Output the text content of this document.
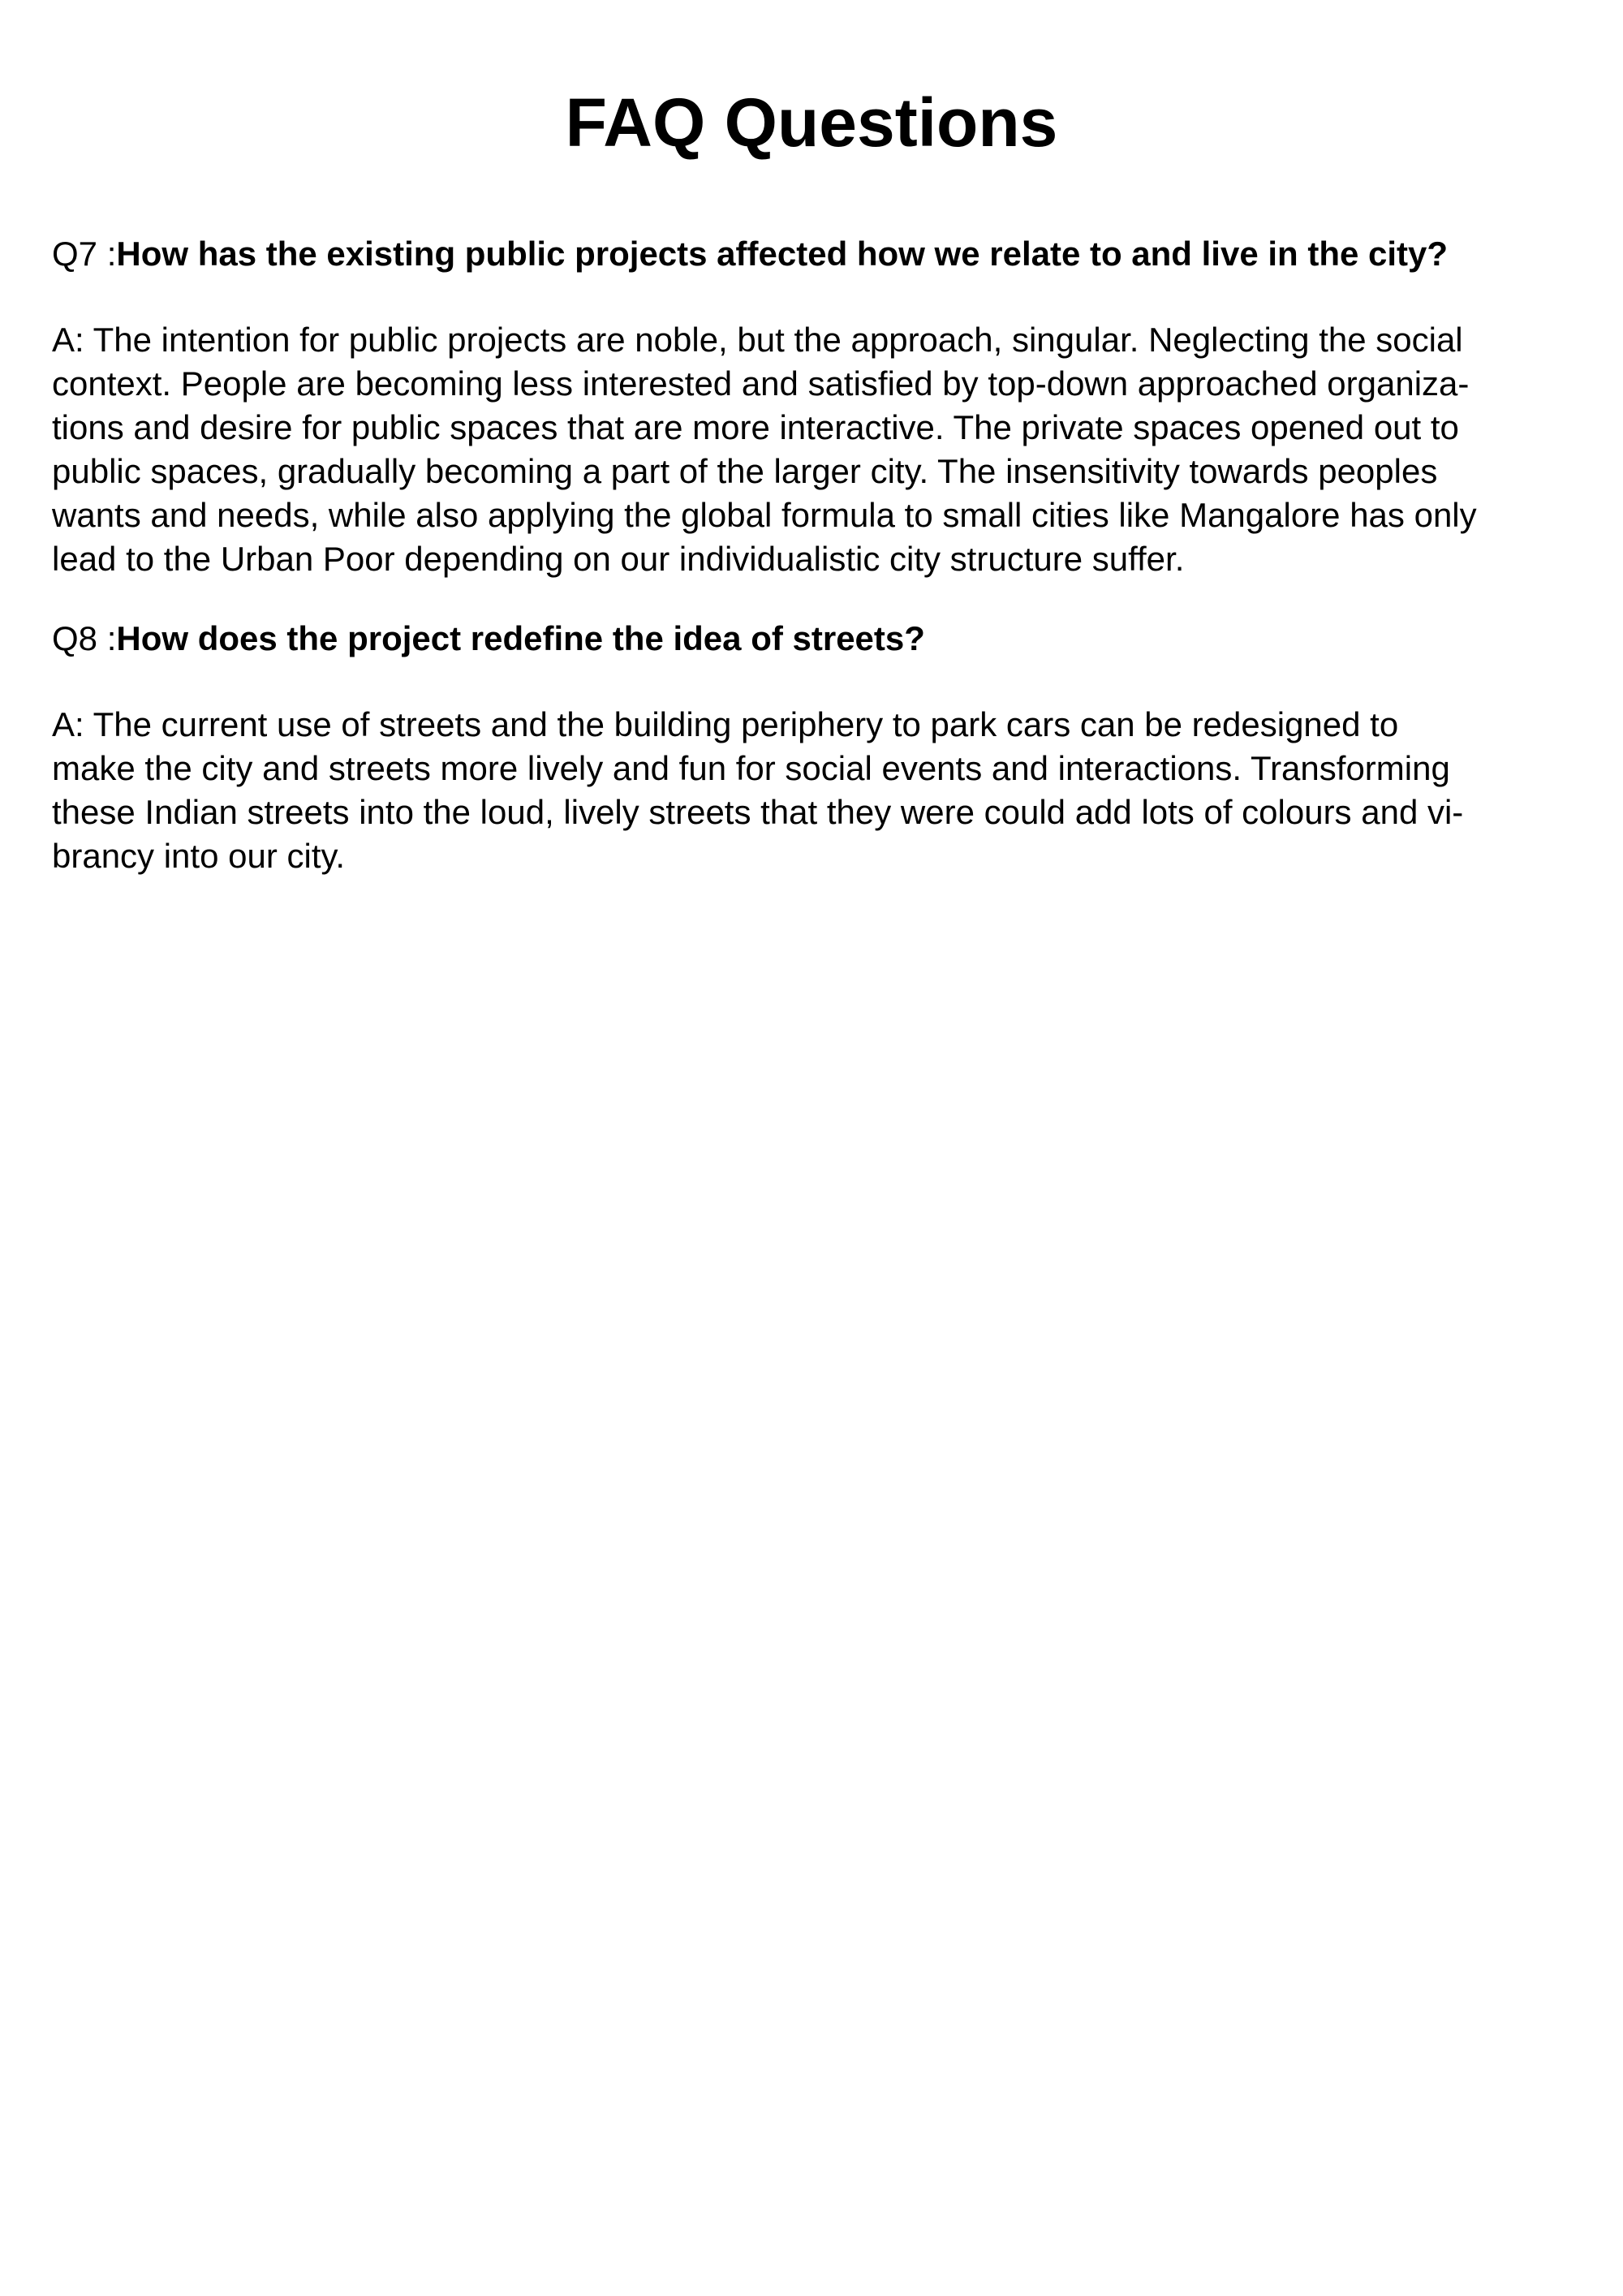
FAQ Questions

Q7 :How has the existing public projects affected how we relate to and live in the city?

A: The intention for public projects are noble, but the approach, singular. Neglecting the social
context. People are becoming less interested and satisfied by top-down approached organiza-
tions and desire for public spaces that are more interactive. The private spaces opened out to
public spaces, gradually becoming a part of the larger city. The insensitivity towards peoples
wants and needs, while also applying the global formula to small cities like Mangalore has only
lead to the Urban Poor depending on our individualistic city structure suffer.

Q8 :How does the project redefine the idea of streets?

A: The current use of streets and the building periphery to park cars can be redesigned to
make the city and streets more lively and fun for social events and interactions. Transforming
these Indian streets into the loud, lively streets that they were could add lots of colours and vi-
brancy into our city.
